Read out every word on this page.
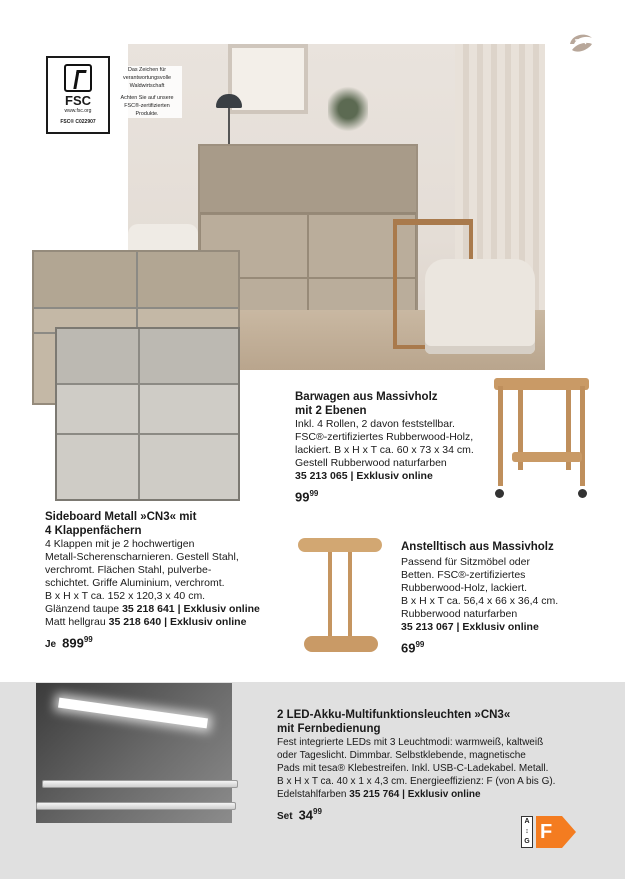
FSC
www.fsc.org
FSC® C022907
Das Zeichen für
verantwortungsvolle
Waldwirtschaft
Achten Sie auf unsere
FSC®-zertifizierten
Produkte.
Barwagen aus Massivholz
mit 2 Ebenen
Inkl. 4 Rollen, 2 davon feststellbar.
FSC®-zertifiziertes Rubberwood-Holz,
lackiert. B x H x T ca. 60 x 73 x 34 cm.
Gestell Rubberwood naturfarben
35 213 065 | Exklusiv online
$99^{99}$
Sideboard Metall »CN3« mit
4 Klappenfächern
4 Klappen mit je 2 hochwertigen
Metall-Scherenscharnieren. Gestell Stahl,
verchromt. Flächen Stahl, pulverbe-
schichtet. Griffe Aluminium, verchromt.
B x H x T ca. 152 x 120,3 x 40 cm.
Glänzend taupe 35 218 641 | Exklusiv online
Matt hellgrau 35 218 640 | Exklusiv online
Je $899^{99}$
Anstelltisch aus Massivholz
Passend für Sitzmöbel oder
Betten. FSC®-zertifiziertes
Rubberwood-Holz, lackiert.
B x H x T ca. 56,4 x 66 x 36,4 cm.
Rubberwood naturfarben
35 213 067 | Exklusiv online
$69^{99}$
2 LED-Akku-Multifunktionsleuchten »CN3«
mit Fernbedienung
Fest integrierte LEDs mit 3 Leuchtmodi: warmweiß, kaltweiß
oder Tageslicht. Dimmbar. Selbstklebende, magnetische
Pads mit tesa® Klebestreifen. Inkl. USB-C-Ladekabel. Metall.
B x H x T ca. 40 x 1 x 4,3 cm. Energieeffizienz: F (von A bis G).
Edelstahlfarben 35 215 764 | Exklusiv online
Set $34^{99}$
A
↕
G F
